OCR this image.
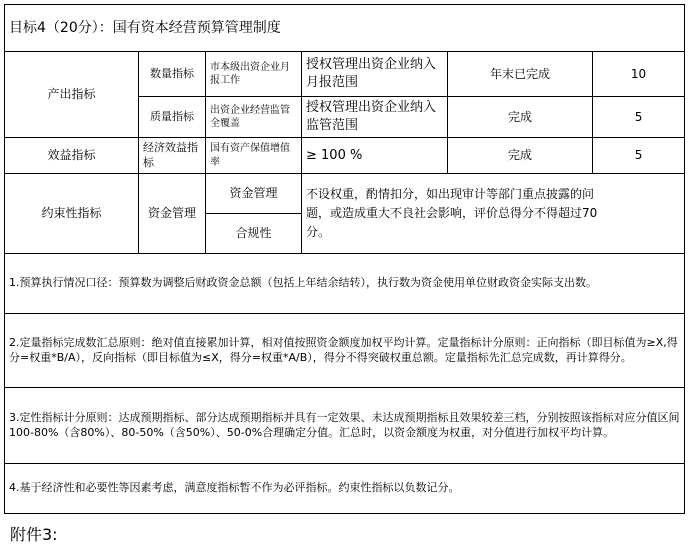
目标4（20分）：国有资本经营预算管理制度					
产出指标	数量指标	市本级出资企业月报工作	授权管理出资企业纳入月报范围	年末已完成	10
	质量指标	出资企业经营监管全覆盖	授权管理出资企业纳入监管范围	完成	5
效益指标	经济效益指标	国有资产保值增值率	≥ 100 %	完成	5
约束性指标	资金管理	资金管理	不设权重，酌情扣分，如出现审计等部门重点披露的问题，或造成重大不良社会影响，评价总得分不得超过70分。		
		合规性			
1.预算执行情况口径：预算数为调整后财政资金总额（包括上年结余结转），执行数为资金使用单位财政资金实际支出数。					
2.定量指标完成数汇总原则：绝对值直接累加计算，相对值按照资金额度加权平均计算。定量指标计分原则：正向指标（即目标值为≥X,得分=权重*B/A），反向指标（即目标值为≤X，得分=权重*A/B），得分不得突破权重总额。定量指标先汇总完成数，再计算得分。					
3.定性指标计分原则：达成预期指标、部分达成预期指标并具有一定效果、未达成预期指标且效果较差三档，分别按照该指标对应分值区间100-80%（含80%）、80-50%（含50%）、50-0%合理确定分值。汇总时，以资金额度为权重，对分值进行加权平均计算。					
4.基于经济性和必要性等因素考虑，满意度指标暂不作为必评指标。约束性指标以负数记分。					
附件3:
